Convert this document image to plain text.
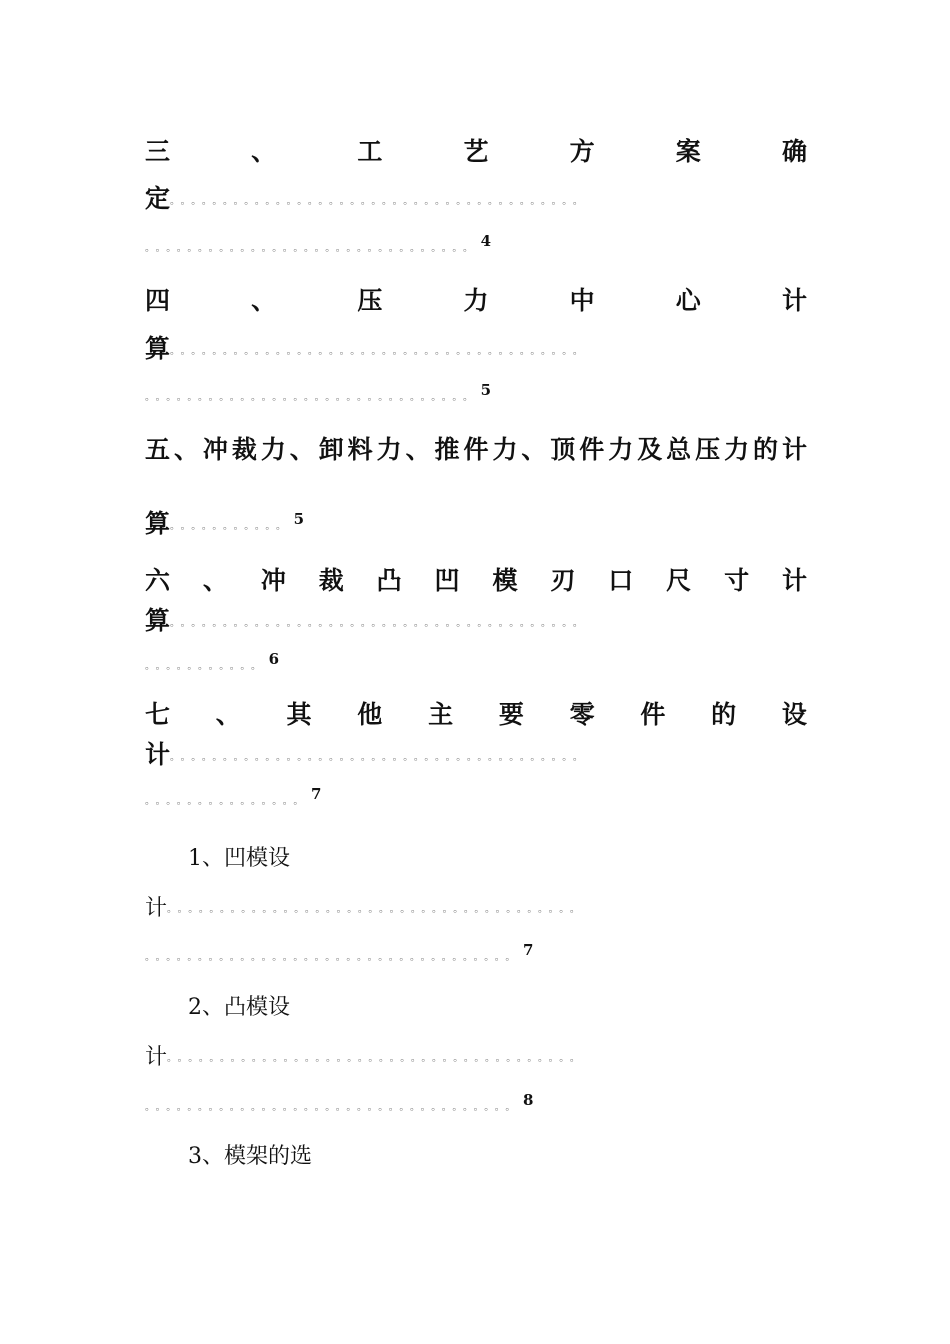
三	、	工	艺	方	案	确
定。。。。。。。。。。。。。。。。。。。。。。。。。。。。。。。。。。。。。。。
。。。。。。。。。。。。。。。。。。。。。。。。。。。。。。。 4
四	、	压	力	中	心	计
算。。。。。。。。。。。。。。。。。。。。。。。。。。。。。。。。。。。。。。。
。。。。。。。。。。。。。。。。。。。。。。。。。。。。。。。 5
五 、 冲 裁 力 、 卸 料 力 、 推 件 力 、 顶 件 力 及 总 压 力 的 计
算。。。。。。。。。。。 5
六 、 冲 裁 凸 凹 模 刃 口 尺 寸 计
算。。。。。。。。。。。。。。。。。。。。。。。。。。。。。。。。。。。。。。。
。。。。。。。。。。。 6
七 、 其 他 主 要 零 件 的 设
计。。。。。。。。。。。。。。。。。。。。。。。。。。。。。。。。。。。。。。。
。。。。。。。。。。。。。。。 7
1、凹模设
计。。。。。。。。。。。。。。。。。。。。。。。。。。。。。。。。。。。。。。。
。。。。。。。。。。。。。。。。。。。。。。。。。。。。。。。。。。。 7
2、凸模设
计。。。。。。。。。。。。。。。。。。。。。。。。。。。。。。。。。。。。。。。
。。。。。。。。。。。。。。。。。。。。。。。。。。。。。。。。。。。 8
3、模架的选
